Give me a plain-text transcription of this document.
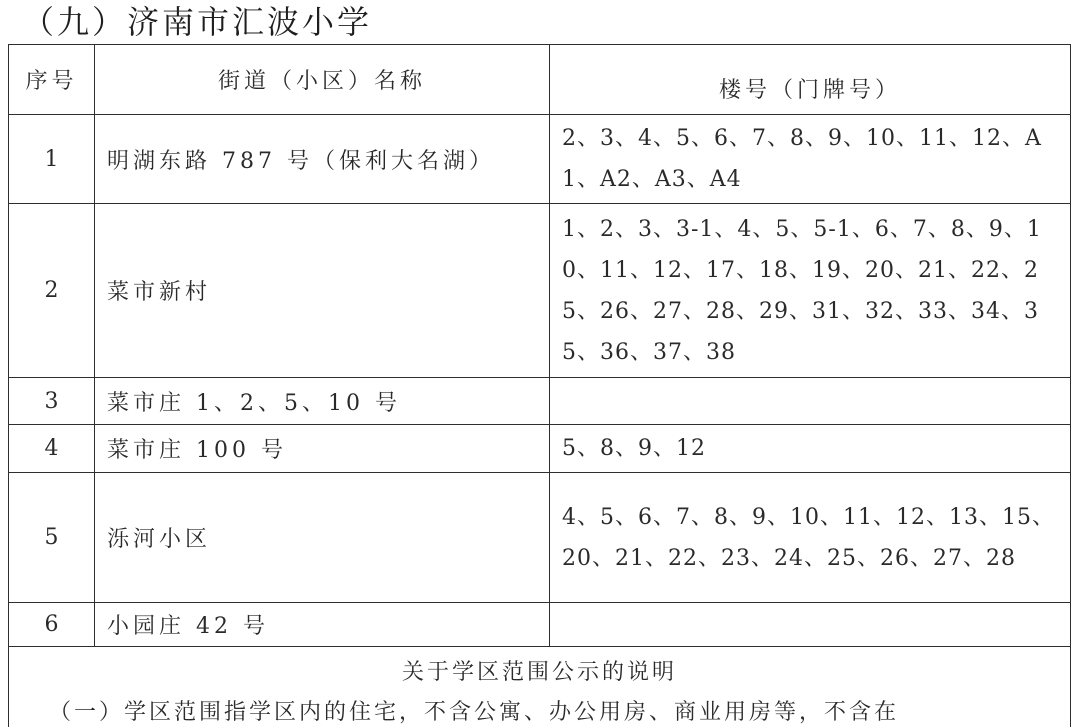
（九）济南市汇波小学
序号	街道（小区）名称	楼号（门牌号）
1	明湖东路 787 号（保利大名湖）	2、3、4、5、6、7、8、9、10、11、12、A1、A2、A3、A4
2	菜市新村	1、2、3、3-1、4、5、5-1、6、7、8、9、10、11、12、17、18、19、20、21、22、25、26、27、28、29、31、32、33、34、35、36、37、38
3	菜市庄 1、2、5、10 号	
4	菜市庄 100 号	5、8、9、12
5	泺河小区	4、5、6、7、8、9、10、11、12、13、15、20、21、22、23、24、25、26、27、28
6	小园庄 42 号	

关于学区范围公示的说明
（一）学区范围指学区内的住宅，不含公寓、办公用房、商业用房等，不含在		
